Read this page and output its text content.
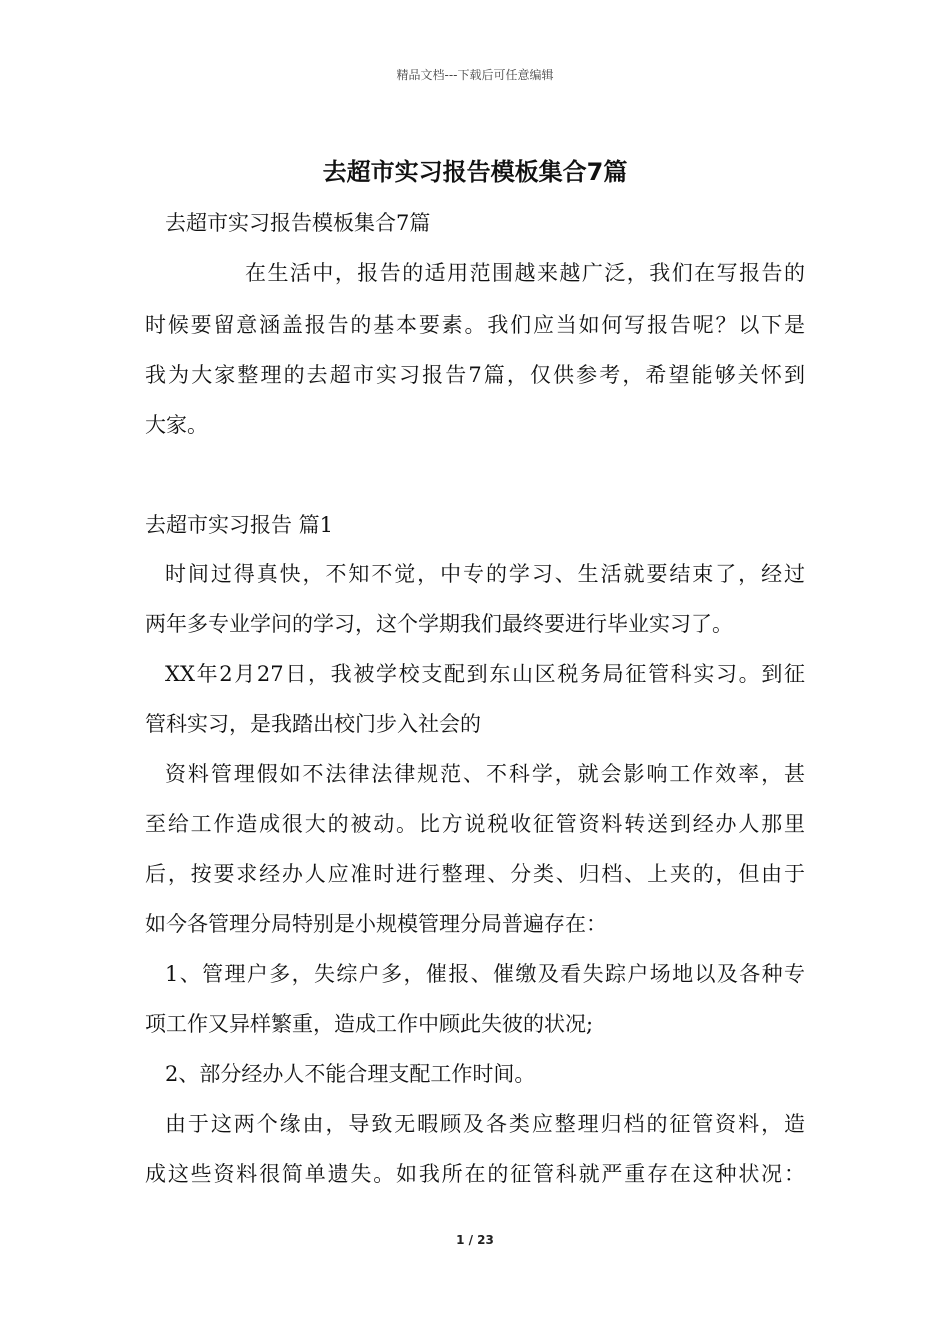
精品文档---下载后可任意编辑
去超市实习报告模板集合7篇
去超市实习报告模板集合7篇
在生活中，报告的适用范围越来越广泛，我们在写报告的
时候要留意涵盖报告的基本要素。我们应当如何写报告呢？以下是
我为大家整理的去超市实习报告7篇，仅供参考，希望能够关怀到
大家。
去超市实习报告 篇1
时间过得真快，不知不觉，中专的学习、生活就要结束了，经过
两年多专业学问的学习，这个学期我们最终要进行毕业实习了。
XX年2月27日，我被学校支配到东山区税务局征管科实习。到征
管科实习，是我踏出校门步入社会的
资料管理假如不法律法律规范、不科学，就会影响工作效率，甚
至给工作造成很大的被动。比方说税收征管资料转送到经办人那里
后，按要求经办人应准时进行整理、分类、归档、上夹的，但由于
如今各管理分局特别是小规模管理分局普遍存在：
1、管理户多，失综户多，催报、催缴及看失踪户场地以及各种专
项工作又异样繁重，造成工作中顾此失彼的状况;
2、部分经办人不能合理支配工作时间。
由于这两个缘由，导致无暇顾及各类应整理归档的征管资料，造
成这些资料很简单遗失。如我所在的征管科就严重存在这种状况：
1 / 23
